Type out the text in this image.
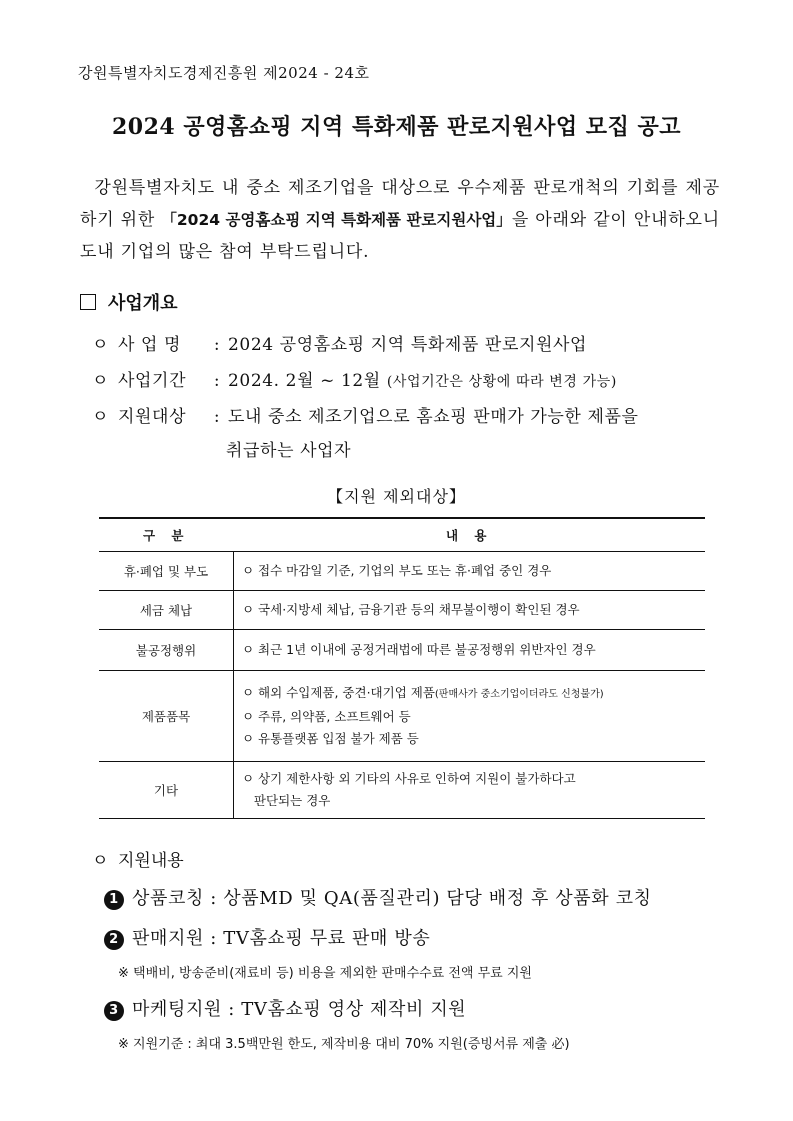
강원특별자치도경제진흥원 제2024 - 24호
2024 공영홈쇼핑 지역 특화제품 판로지원사업 모집 공고
강원특별자치도 내 중소 제조기업을 대상으로 우수제품 판로개척의 기회를 제공하기 위한 「2024 공영홈쇼핑 지역 특화제품 판로지원사업」을 아래와 같이 안내하오니 도내 기업의 많은 참여 부탁드립니다.
사업개요
ㅇ 사 업 명 : 2024 공영홈쇼핑 지역 특화제품 판로지원사업
ㅇ 사업기간 : 2024. 2월 ~ 12월 (사업기간은 상황에 따라 변경 가능)
ㅇ 지원대상 : 도내 중소 제조기업으로 홈쇼핑 판매가 가능한 제품을
취급하는 사업자
【지원 제외대상】
구 분	내 용
휴·폐업 및 부도	ㅇ 접수 마감일 기준, 기업의 부도 또는 휴·폐업 중인 경우

세금 체납	ㅇ 국세·지방세 체납, 금융기관 등의 채무불이행이 확인된 경우

불공정행위	ㅇ 최근 1년 이내에 공정거래법에 따른 불공정행위 위반자인 경우

제품품목	ㅇ 해외 수입제품, 중견·대기업 제품(판매사가 중소기업이더라도 신청불가)
ㅇ 주류, 의약품, 소프트웨어 등
ㅇ 유통플랫폼 입점 불가 제품 등

기타	ㅇ 상기 제한사항 외 기타의 사유로 인하여 지원이 불가하다고
판단되는 경우
ㅇ 지원내용
1 상품코칭 : 상품MD 및 QA(품질관리) 담당 배정 후 상품화 코칭
2 판매지원 : TV홈쇼핑 무료 판매 방송
※ 택배비, 방송준비(재료비 등) 비용을 제외한 판매수수료 전액 무료 지원
3 마케팅지원 : TV홈쇼핑 영상 제작비 지원
※ 지원기준 : 최대 3.5백만원 한도, 제작비용 대비 70% 지원(증빙서류 제출 必)
